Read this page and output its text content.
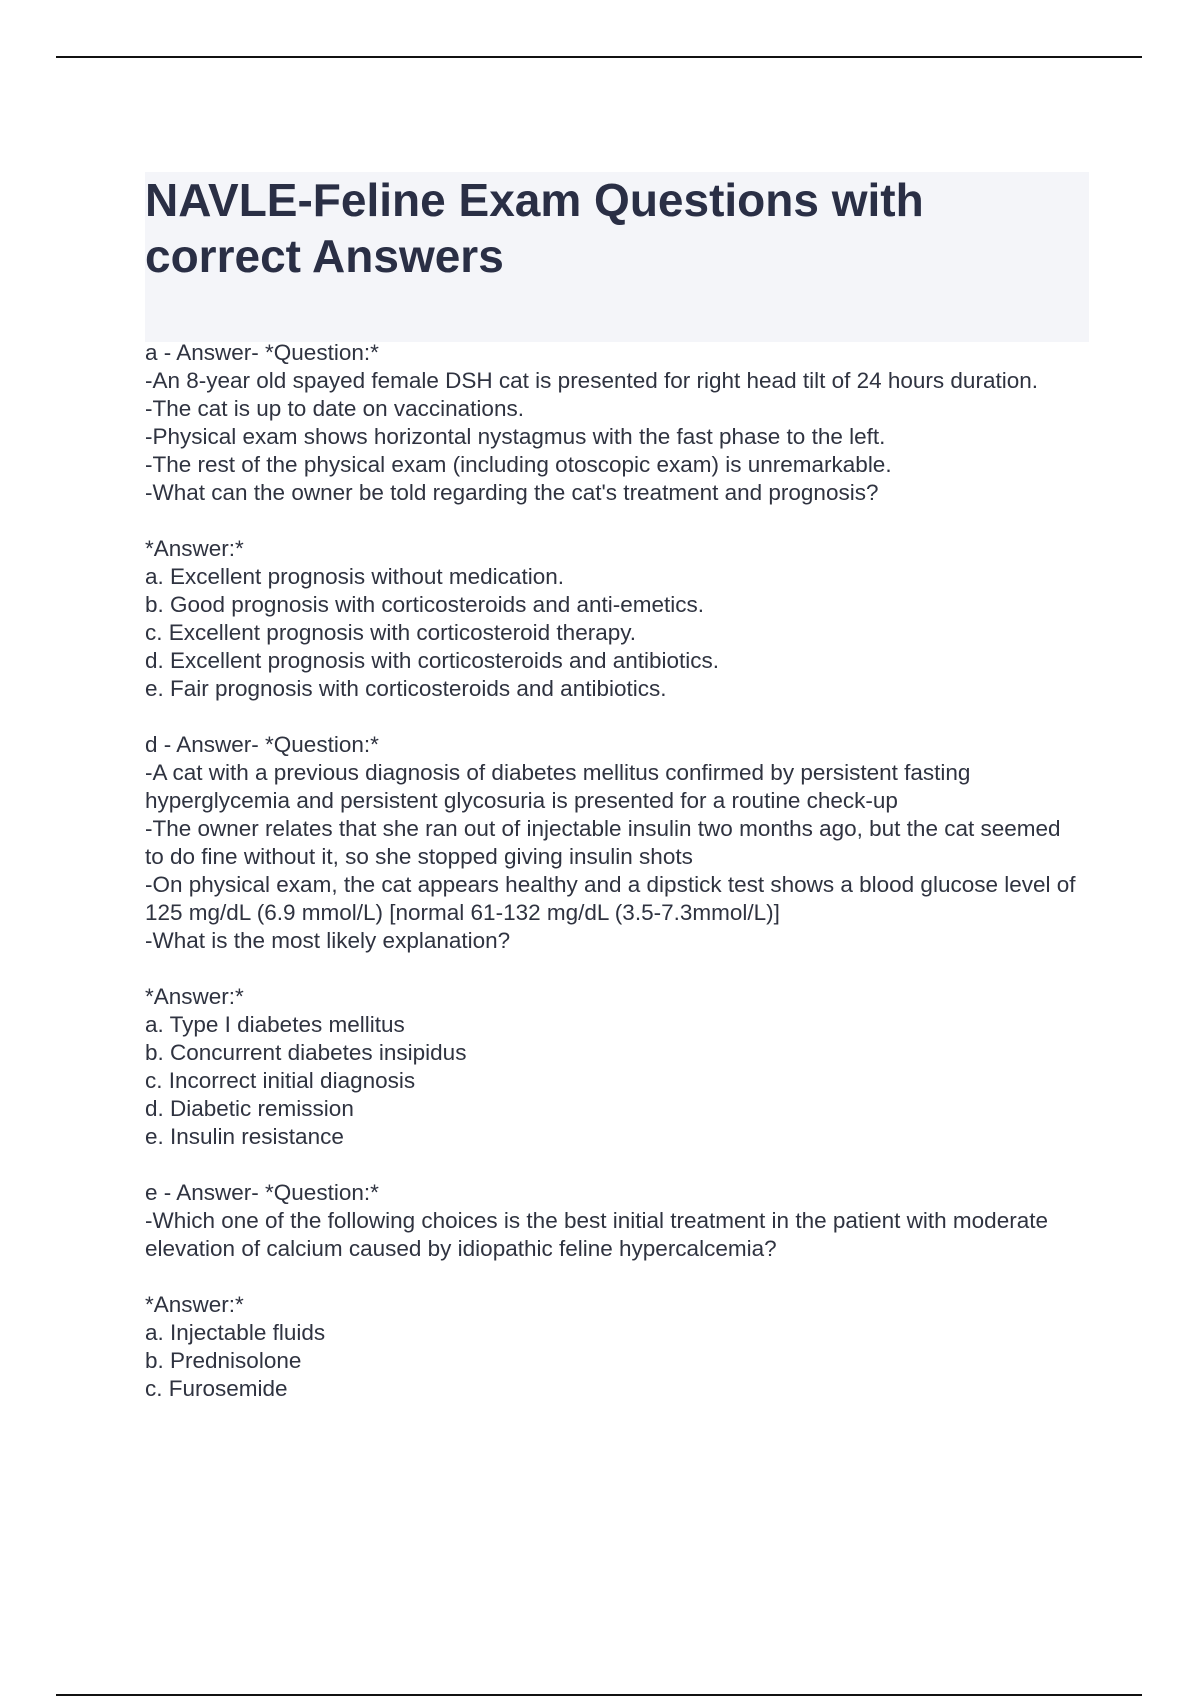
NAVLE-Feline Exam Questions with correct Answers
a - Answer- *Question:*
-An 8-year old spayed female DSH cat is presented for right head tilt of 24 hours duration.
-The cat is up to date on vaccinations.
-Physical exam shows horizontal nystagmus with the fast phase to the left.
-The rest of the physical exam (including otoscopic exam) is unremarkable.
-What can the owner be told regarding the cat's treatment and prognosis?
*Answer:*
a. Excellent prognosis without medication.
b. Good prognosis with corticosteroids and anti-emetics.
c. Excellent prognosis with corticosteroid therapy.
d. Excellent prognosis with corticosteroids and antibiotics.
e. Fair prognosis with corticosteroids and antibiotics.
d - Answer- *Question:*
-A cat with a previous diagnosis of diabetes mellitus confirmed by persistent fasting hyperglycemia and persistent glycosuria is presented for a routine check-up
-The owner relates that she ran out of injectable insulin two months ago, but the cat seemed to do fine without it, so she stopped giving insulin shots
-On physical exam, the cat appears healthy and a dipstick test shows a blood glucose level of 125 mg/dL (6.9 mmol/L) [normal 61-132 mg/dL (3.5-7.3mmol/L)]
-What is the most likely explanation?
*Answer:*
a. Type I diabetes mellitus
b. Concurrent diabetes insipidus
c. Incorrect initial diagnosis
d. Diabetic remission
e. Insulin resistance
e - Answer- *Question:*
-Which one of the following choices is the best initial treatment in the patient with moderate elevation of calcium caused by idiopathic feline hypercalcemia?
*Answer:*
a. Injectable fluids
b. Prednisolone
c. Furosemide
